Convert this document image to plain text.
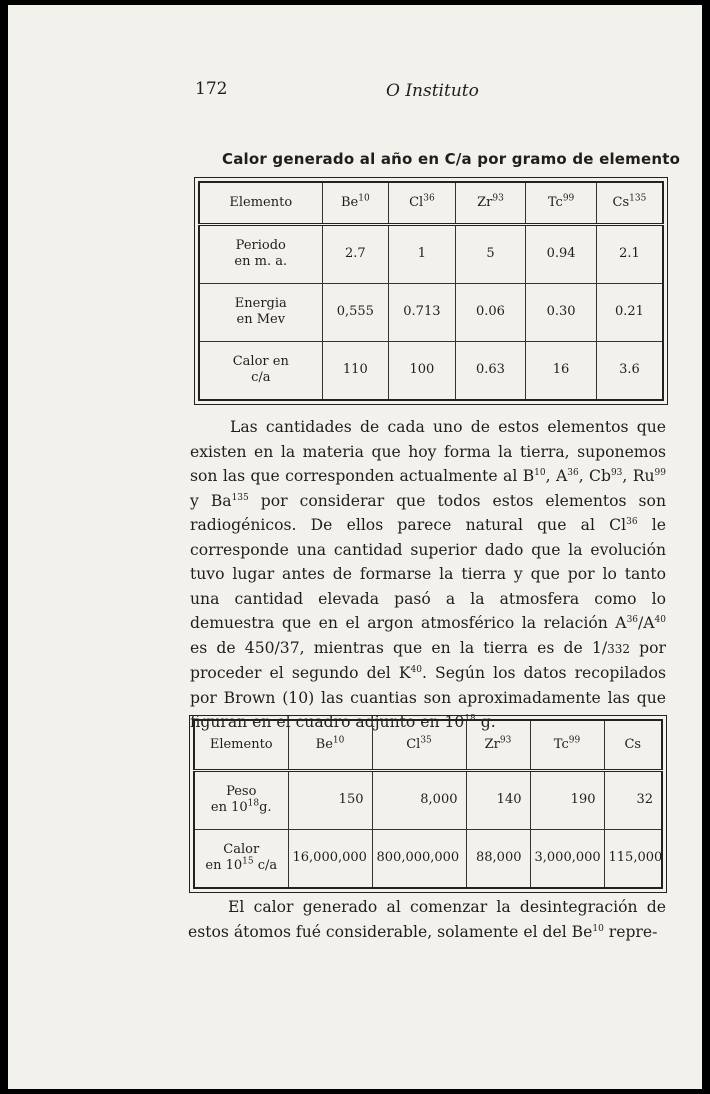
172	O Instituto
Calor generado al año en C/a por gramo de elemento
Elemento	Be$^{10}$	Cl$^{36}$	Zr$^{93}$	Tc$^{99}$	Cs$^{135}$
Periodo
en m. a.	2.7	1	5	0.94	2.1
Energia
en Mev	0,555	0.713	0.06	0.30	0.21
Calor en
c/a	110	100	0.63	16	3.6

Las cantidades de cada uno de estos elementos que existen en la materia que hoy forma la tierra, suponemos son las que corresponden actualmente al $B^{10}$, $A^{36}$, Cb$^{93}$, Ru$^{99}$ y Ba$^{135}$ por considerar que todos estos elementos son radiogénicos. De ellos parece natural que al Cl$^{36}$ le corresponde una cantidad superior dado que la evolución tuvo lugar antes de formarse la tierra y que por lo tanto una cantidad elevada pasó a la atmosfera como lo demuestra que en el argon atmosférico la relación $A^{36}/A^{40}$ es de 450/37, mientras que en la tierra es de 1/332 por proceder el segundo del $K^{40}$. Según los datos recopilados por Brown (10) las cuantias son aproximadamente las que figuran en el cuadro adjunto en $10^{18}$ g.

Elemento	Be$^{10}$	Cl$^{35}$	Zr$^{93}$	Tc$^{99}$	Cs
Peso
en $10^{18}g$.	150	8,000	140	190	32
Calor
en $10^{15}$ c/a	16,000,000	800,000,000	88,000	3,000,000	115,000

El calor generado al comenzar la desintegración de estos átomos fué considerable, solamente el del Be$^{10}$ repre-
